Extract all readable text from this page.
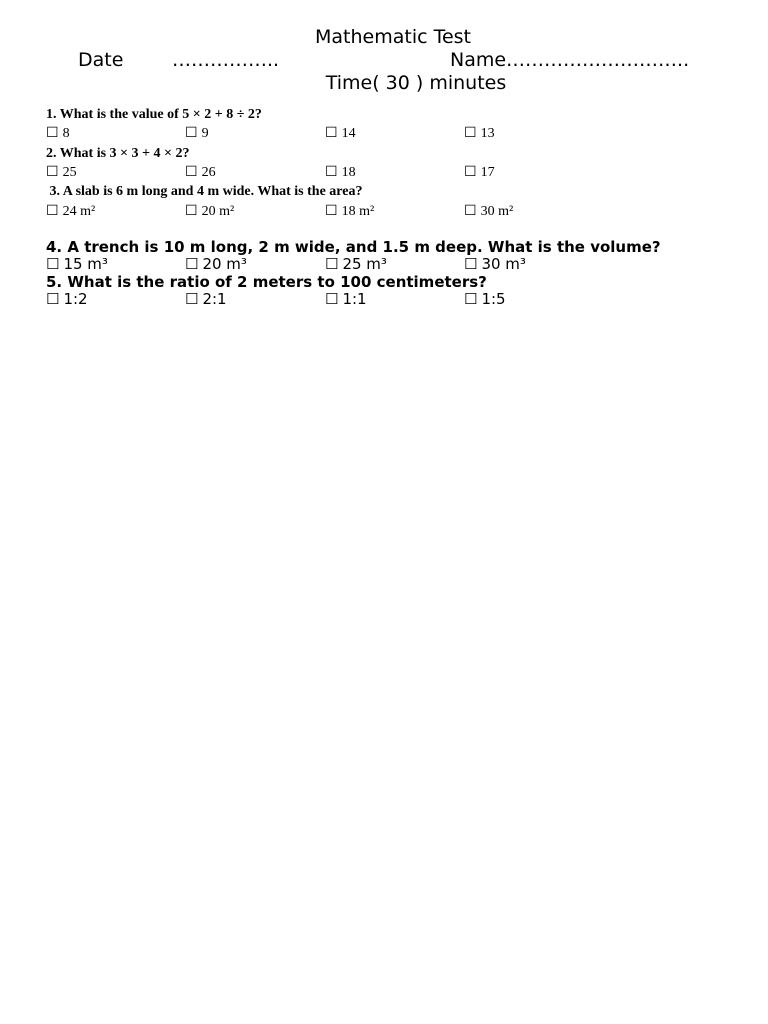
Mathematic Test
Date	……………..	Name………………………..
Time( 30 ) minutes
1. What is the value of 5 × 2 + 8 ÷ 2?
☐ 8	☐ 9	☐ 14	☐ 13
2. What is 3 × 3 + 4 × 2?
☐ 25	☐ 26	☐ 18	☐ 17
3. A slab is 6 m long and 4 m wide. What is the area?
☐ 24 m²	☐ 20 m²	☐ 18 m²	☐ 30 m²
4. A trench is 10 m long, 2 m wide, and 1.5 m deep. What is the volume?
☐ 15 m³	☐ 20 m³	☐ 25 m³	☐ 30 m³
5. What is the ratio of 2 meters to 100 centimeters?
☐ 1:2	☐ 2:1	☐ 1:1	☐ 1:5
